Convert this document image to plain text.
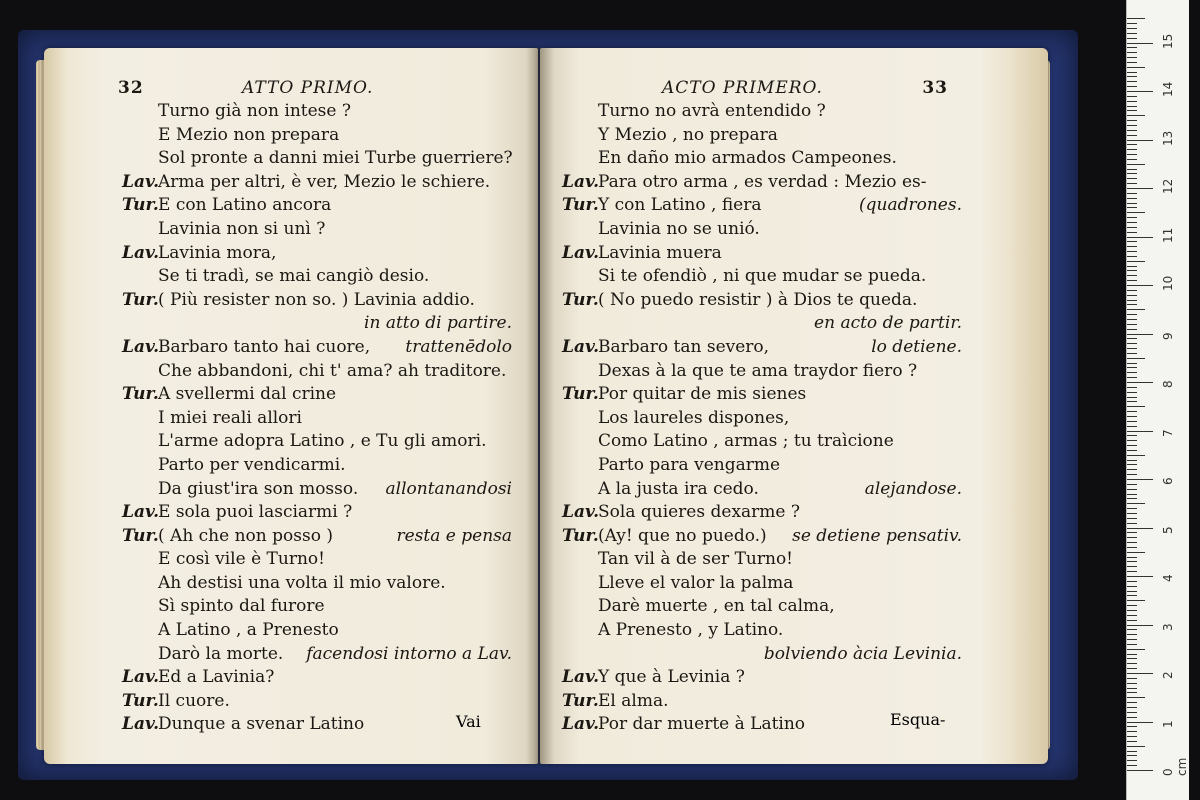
32	ATTO PRIMO.
Turno già non intese ?
E Mezio non prepara
Sol pronte a danni miei Turbe guerriere?
Lav.Arma per altri, è ver, Mezio le schiere.
Tur.E con Latino ancora
Lavinia non si unì ?
Lav.Lavinia mora,
Se ti tradì, se mai cangiò desio.
Tur.( Più resister non so. ) Lavinia addio.
in atto di partire.
Lav.Barbaro tanto hai cuore, trattenēdolo
Che abbandoni, chi t' ama? ah traditore.
Tur.A svellermi dal crine
I miei reali allori
L'arme adopra Latino , e Tu gli amori.
Parto per vendicarmi.
Da giust'ira son mosso. allontanandosi
Lav.E sola puoi lasciarmi ?
Tur.( Ah che non posso )	resta e pensa
E così vile è Turno!
Ah destisi una volta il mio valore.
Sì spinto dal furore
A Latino , a Prenesto
Darò la morte. facendosi intorno a Lav.
Lav.Ed a Lavinia?
Tur.Il cuore.
Lav.Dunque a svenar Latino	Vai
ACTO PRIMERO.	33
Turno no avrà entendido ?
Y Mezio , no prepara
En daño mio armados Campeones.
Lav.Para otro arma , es verdad : Mezio es-
Tur.Y con Latino , fiera	(quadrones.
Lavinia no se unió.
Lav.Lavinia muera
Si te ofendiò , ni que mudar se pueda.
Tur.( No puedo resistir ) à Dios te queda.
en acto de partir.
Lav.Barbaro tan severo,	lo detiene.
Dexas à la que te ama traydor fiero ?
Tur.Por quitar de mis sienes
Los laureles dispones,
Como Latino , armas ; tu traìcione
Parto para vengarme
A la justa ira cedo.	alejandose.
Lav.Sola quieres dexarme ?
Tur.(Ay! que no puedo.) se detiene pensativ.
Tan vil à de ser Turno!
Lleve el valor la palma
Darè muerte , en tal calma,
A Prenesto , y Latino.
bolviendo àcia Levinia.
Lav.Y que à Levinia ?
Tur.El alma.
Lav.Por dar muerte à Latino	Esqua-
0 cm
1
2
3
4
5
6
7
8
9
10
11
12
13
14
15
